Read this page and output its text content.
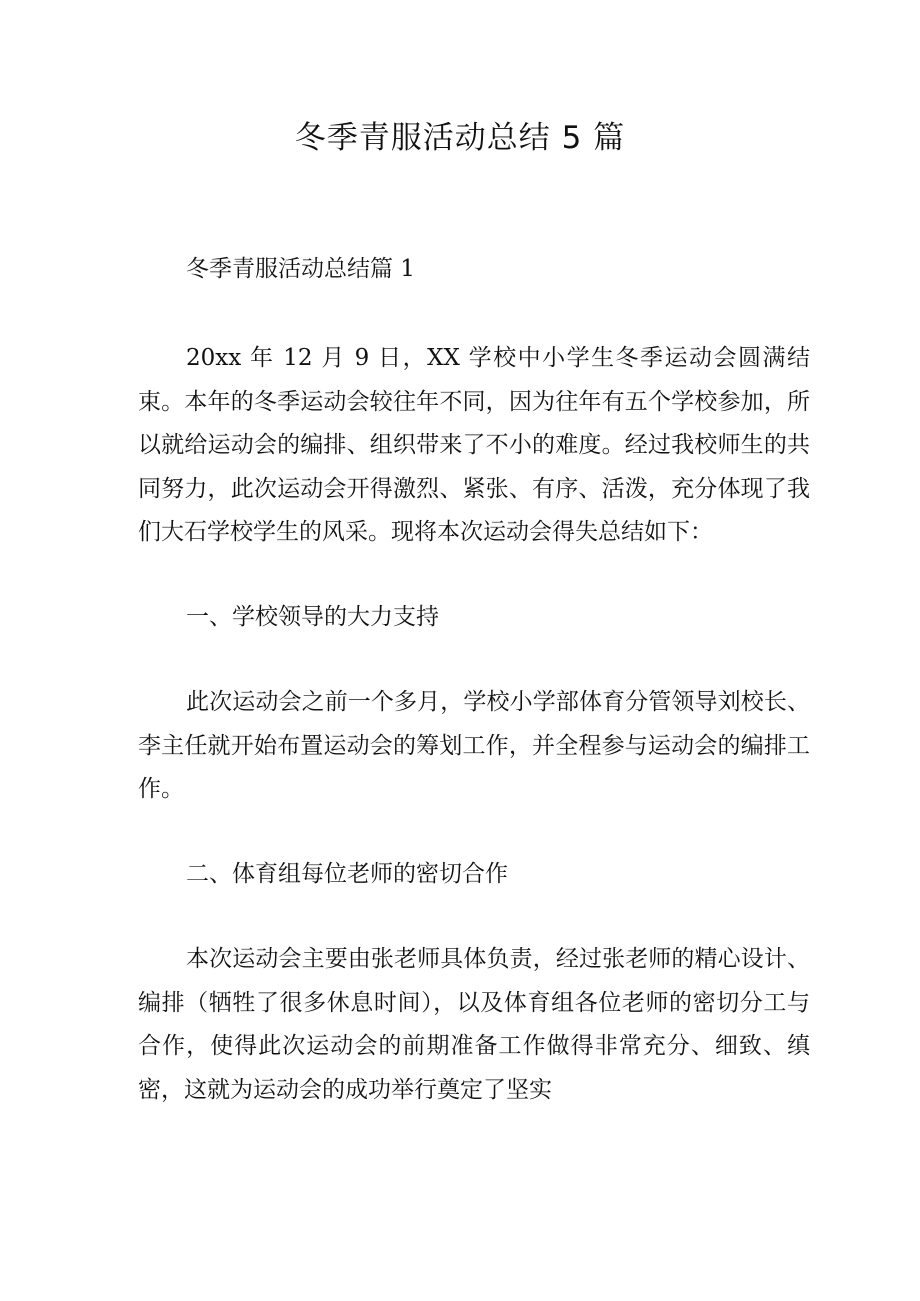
冬季青服活动总结 5 篇

冬季青服活动总结篇 1

20xx 年 12 月 9 日，XX 学校中小学生冬季运动会圆满结束。本年的冬季运动会较往年不同，因为往年有五个学校参加，所以就给运动会的编排、组织带来了不小的难度。经过我校师生的共同努力，此次运动会开得激烈、紧张、有序、活泼，充分体现了我们大石学校学生的风采。现将本次运动会得失总结如下：

一、学校领导的大力支持

此次运动会之前一个多月，学校小学部体育分管领导刘校长、李主任就开始布置运动会的筹划工作，并全程参与运动会的编排工作。

二、体育组每位老师的密切合作

本次运动会主要由张老师具体负责，经过张老师的精心设计、编排（牺牲了很多休息时间），以及体育组各位老师的密切分工与合作，使得此次运动会的前期准备工作做得非常充分、细致、缜密，这就为运动会的成功举行奠定了坚实
